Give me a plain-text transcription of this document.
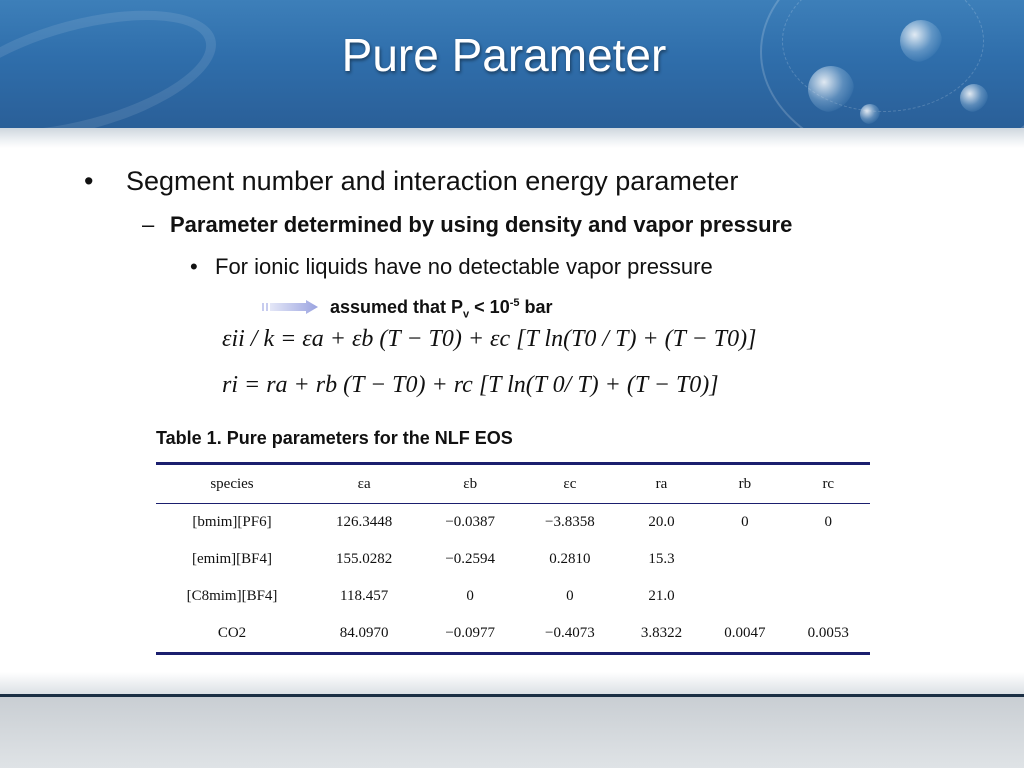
Pure Parameter
• Segment number and interaction energy parameter
– Parameter determined by using density and vapor pressure
• For ionic liquids have no detectable vapor pressure
assumed that $P_v < 10^{-5}$ bar
εii / k = εa + εb (T − T0) + εc [T ln(T0 / T) + (T − T0)]
ri = ra + rb (T − T0) + rc [T ln(T 0/ T) + (T − T0)]
Table 1. Pure parameters for the NLF EOS
species	εa	εb	εc	ra	rb	rc
[bmim][PF6]	126.3448	−0.0387	−3.8358	20.0	0	0
[emim][BF4]	155.0282	−0.2594	0.2810	15.3		
[C8mim][BF4]	118.457	0	0	21.0		
CO2	84.0970	−0.0977	−0.4073	3.8322	0.0047	0.0053
